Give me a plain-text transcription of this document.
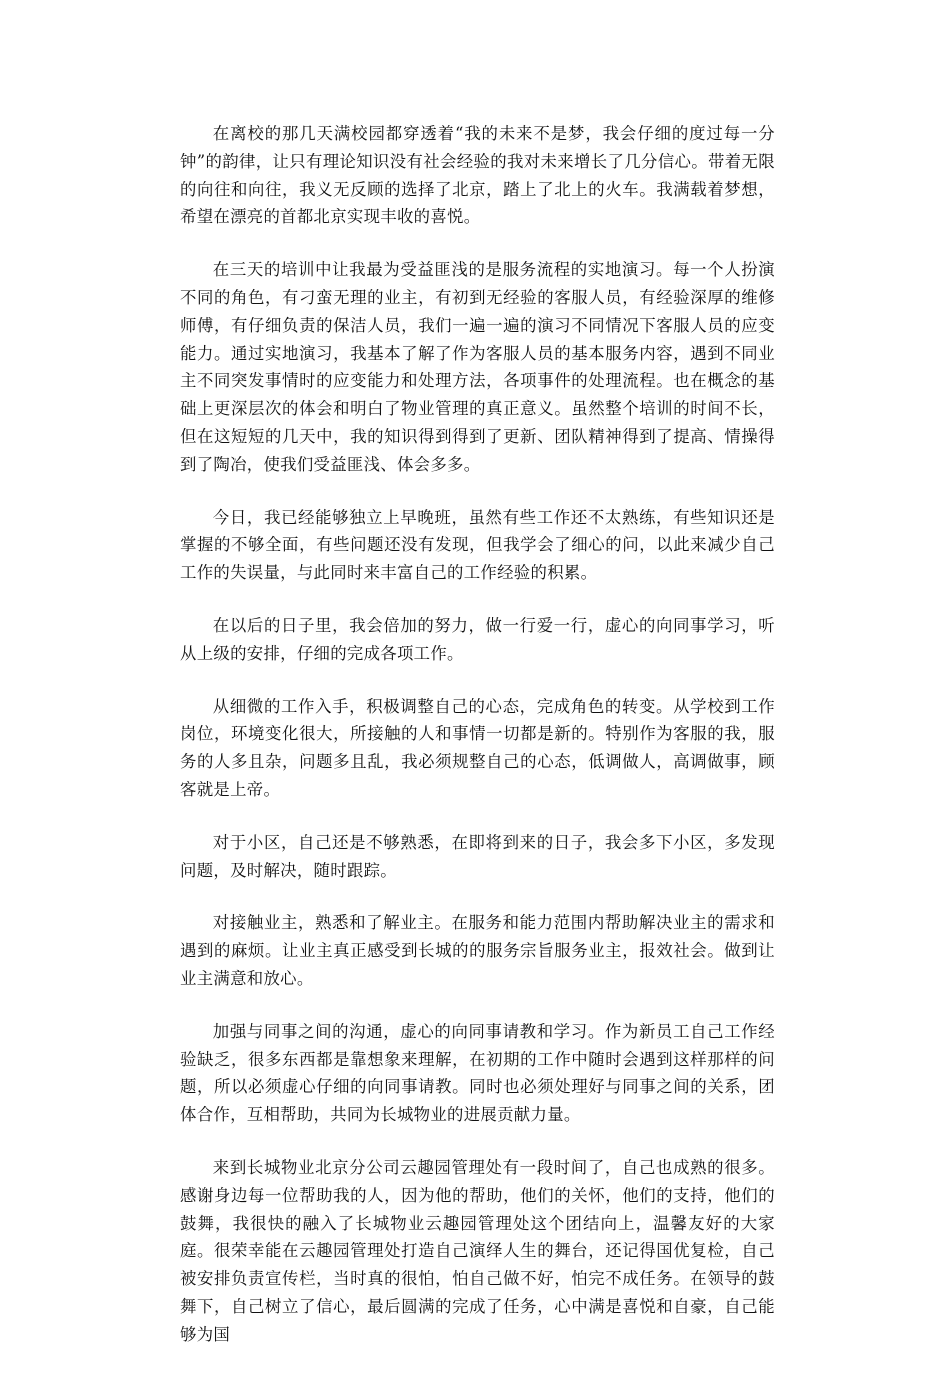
在离校的那几天满校园都穿透着“我的未来不是梦，我会仔细的度过每一分钟”的韵律，让只有理论知识没有社会经验的我对未来增长了几分信心。带着无限的向往和向往，我义无反顾的选择了北京，踏上了北上的火车。我满载着梦想，希望在漂亮的首都北京实现丰收的喜悦。

在三天的培训中让我最为受益匪浅的是服务流程的实地演习。每一个人扮演不同的角色，有刁蛮无理的业主，有初到无经验的客服人员，有经验深厚的维修师傅，有仔细负责的保洁人员，我们一遍一遍的演习不同情况下客服人员的应变能力。通过实地演习，我基本了解了作为客服人员的基本服务内容，遇到不同业主不同突发事情时的应变能力和处理方法，各项事件的处理流程。也在概念的基础上更深层次的体会和明白了物业管理的真正意义。虽然整个培训的时间不长，但在这短短的几天中，我的知识得到得到了更新、团队精神得到了提高、情操得到了陶冶，使我们受益匪浅、体会多多。

今日，我已经能够独立上早晚班，虽然有些工作还不太熟练，有些知识还是掌握的不够全面，有些问题还没有发现，但我学会了细心的问，以此来减少自己工作的失误量，与此同时来丰富自己的工作经验的积累。

在以后的日子里，我会倍加的努力，做一行爱一行，虚心的向同事学习，听从上级的安排，仔细的完成各项工作。

从细微的工作入手，积极调整自己的心态，完成角色的转变。从学校到工作岗位，环境变化很大，所接触的人和事情一切都是新的。特别作为客服的我，服务的人多且杂，问题多且乱，我必须规整自己的心态，低调做人，高调做事，顾客就是上帝。

对于小区，自己还是不够熟悉，在即将到来的日子，我会多下小区，多发现问题，及时解决，随时跟踪。

对接触业主，熟悉和了解业主。在服务和能力范围内帮助解决业主的需求和遇到的麻烦。让业主真正感受到长城的的服务宗旨服务业主，报效社会。做到让业主满意和放心。

加强与同事之间的沟通，虚心的向同事请教和学习。作为新员工自己工作经验缺乏，很多东西都是靠想象来理解，在初期的工作中随时会遇到这样那样的问题，所以必须虚心仔细的向同事请教。同时也必须处理好与同事之间的关系，团体合作，互相帮助，共同为长城物业的进展贡献力量。

来到长城物业北京分公司云趣园管理处有一段时间了，自己也成熟的很多。感谢身边每一位帮助我的人，因为他的帮助，他们的关怀，他们的支持，他们的鼓舞，我很快的融入了长城物业云趣园管理处这个团结向上，温馨友好的大家庭。很荣幸能在云趣园管理处打造自己演绎人生的舞台，还记得国优复检，自己被安排负责宣传栏，当时真的很怕，怕自己做不好，怕完不成任务。在领导的鼓舞下，自己树立了信心，最后圆满的完成了任务，心中满是喜悦和自豪，自己能够为国
